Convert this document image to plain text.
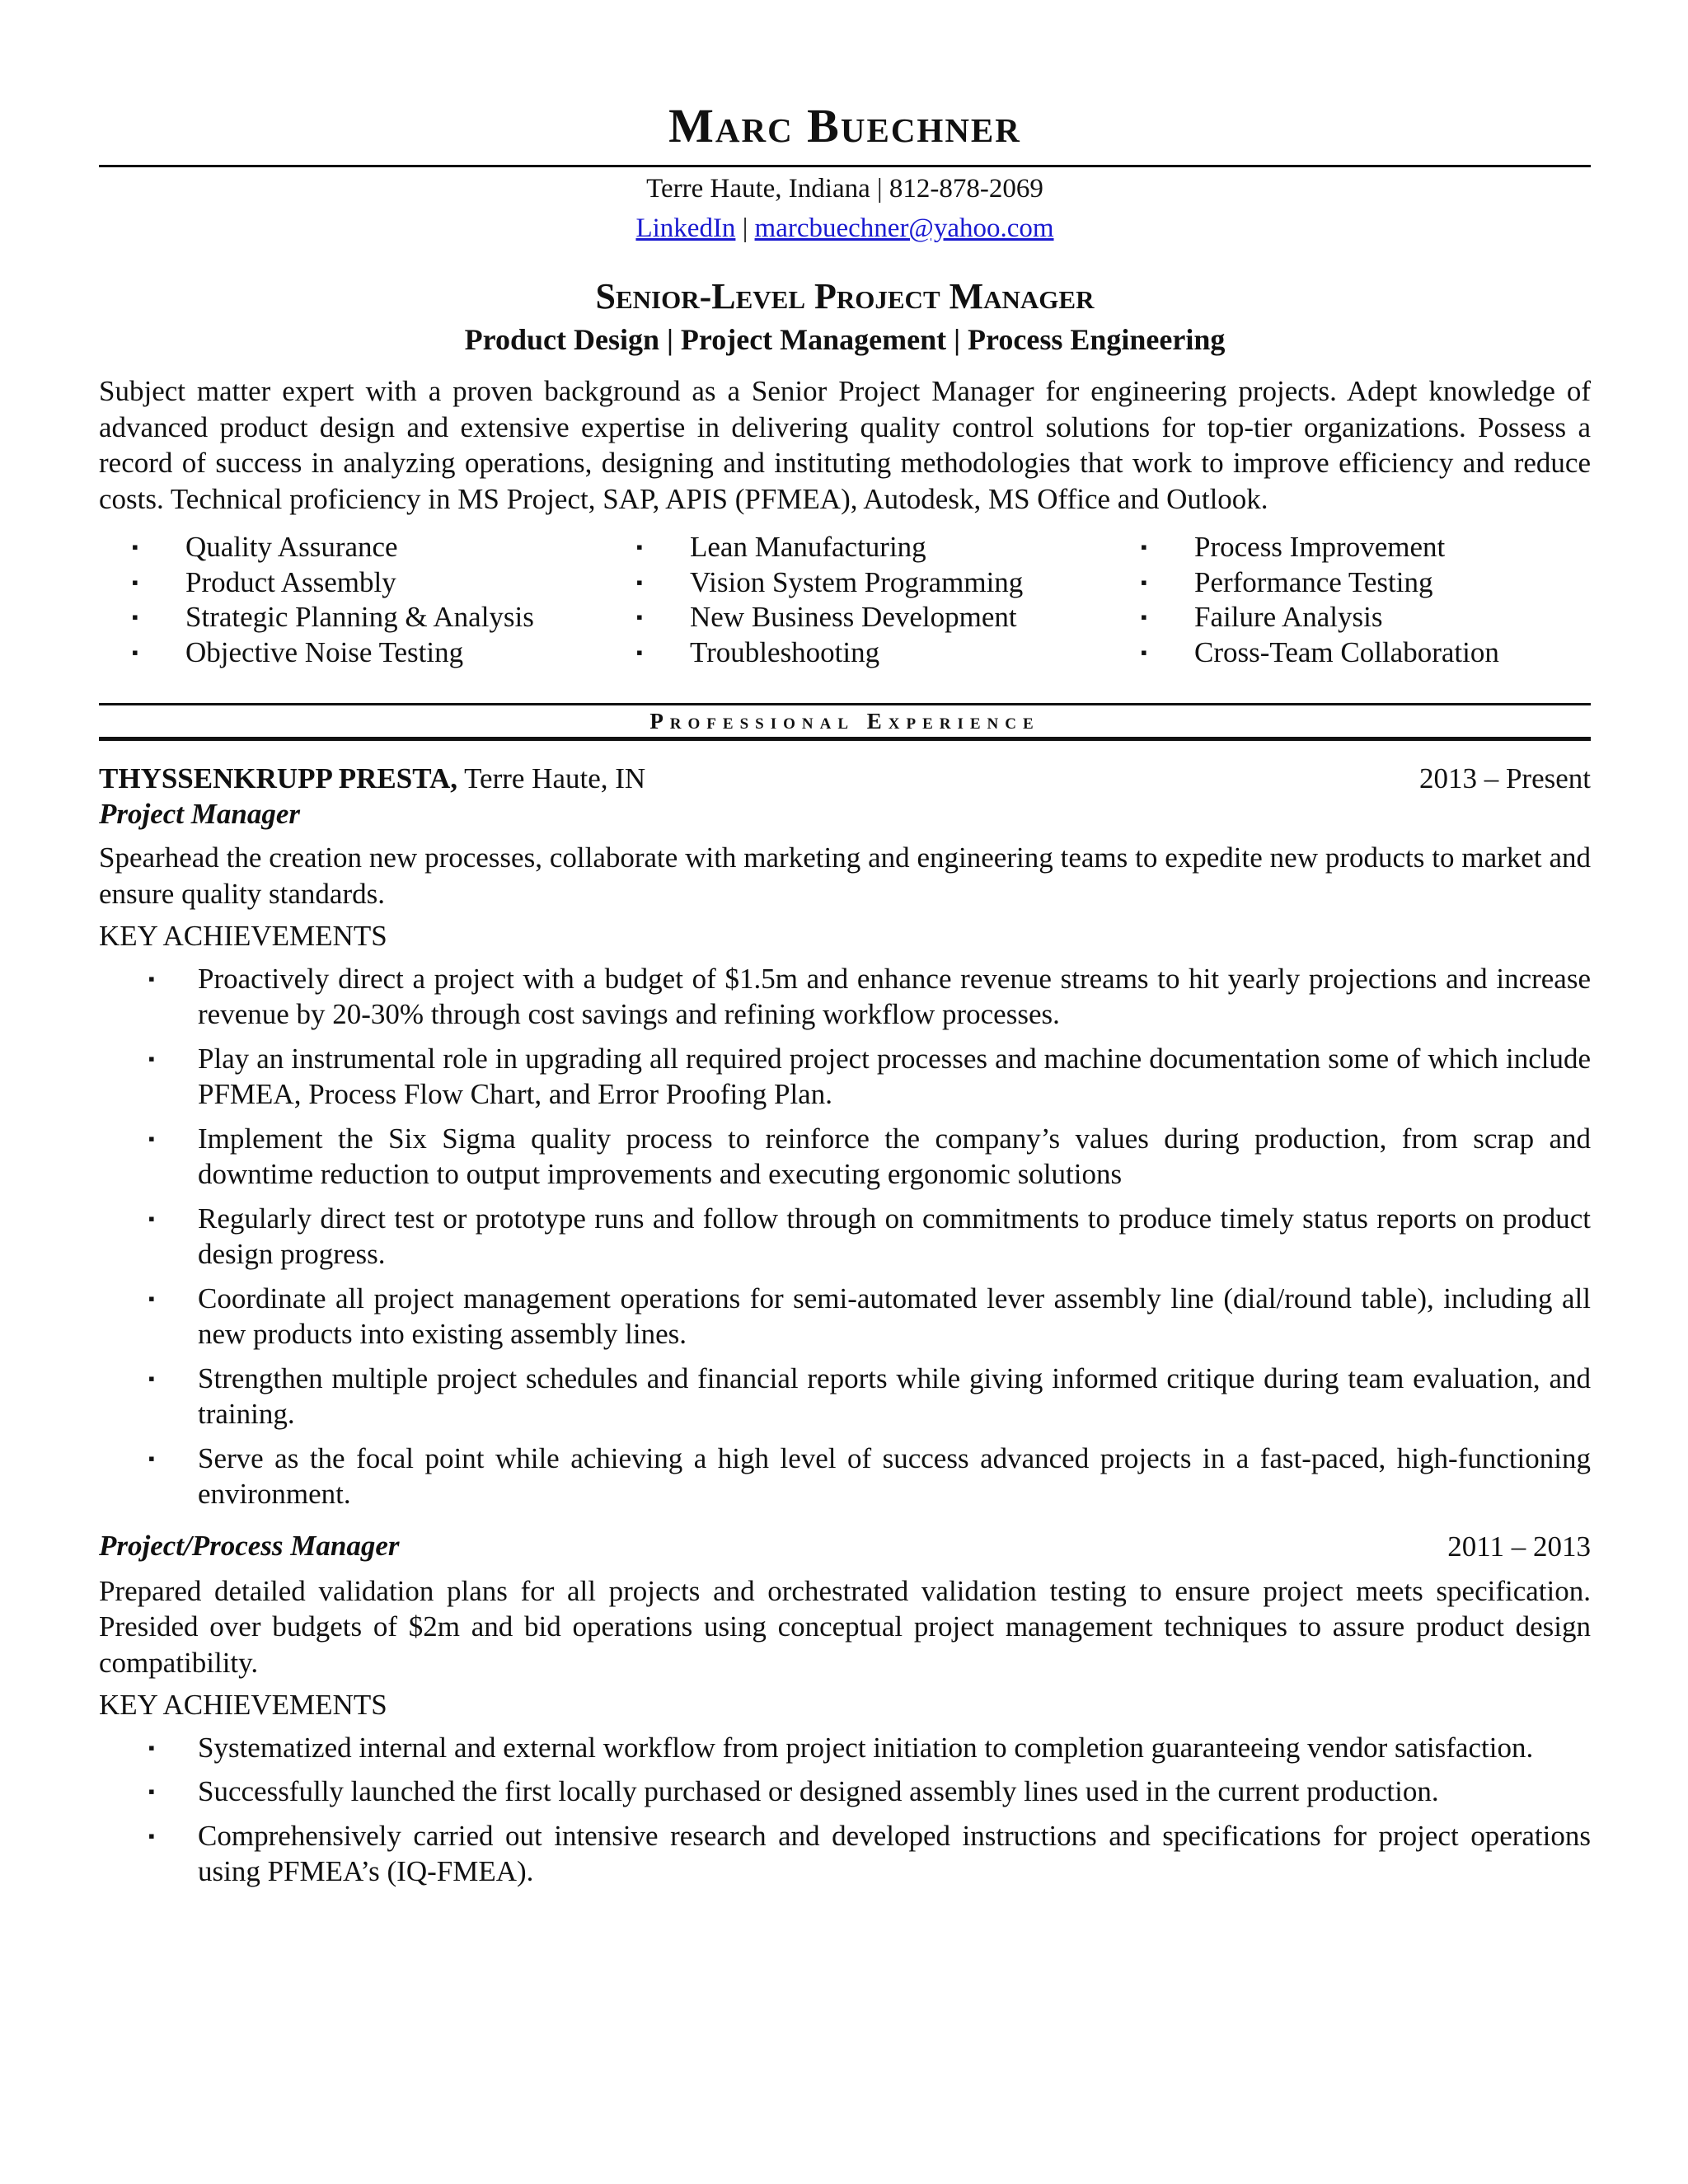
Marc Buechner
Terre Haute, Indiana | 812-878-2069
LinkedIn | marcbuechner@yahoo.com
Senior-Level Project Manager
Product Design | Project Management | Process Engineering
Subject matter expert with a proven background as a Senior Project Manager for engineering projects. Adept knowledge of advanced product design and extensive expertise in delivering quality control solutions for top-tier organizations. Possess a record of success in analyzing operations, designing and instituting methodologies that work to improve efficiency and reduce costs. Technical proficiency in MS Project, SAP, APIS (PFMEA), Autodesk, MS Office and Outlook.
▪	Quality Assurance
▪	Product Assembly
▪	Strategic Planning & Analysis
▪	Objective Noise Testing
▪	Lean Manufacturing
▪	Vision System Programming
▪	New Business Development
▪	Troubleshooting
▪	Process Improvement
▪	Performance Testing
▪	Failure Analysis
▪	Cross-Team Collaboration
Professional Experience
THYSSENKRUPP PRESTA, Terre Haute, IN	2013 – Present
Project Manager
Spearhead the creation new processes, collaborate with marketing and engineering teams to expedite new products to market and ensure quality standards.
KEY ACHIEVEMENTS
▪	Proactively direct a project with a budget of $1.5m and enhance revenue streams to hit yearly projections and increase revenue by 20-30% through cost savings and refining workflow processes.
▪	Play an instrumental role in upgrading all required project processes and machine documentation some of which include PFMEA, Process Flow Chart, and Error Proofing Plan.
▪	Implement the Six Sigma quality process to reinforce the company’s values during production, from scrap and downtime reduction to output improvements and executing ergonomic solutions
▪	Regularly direct test or prototype runs and follow through on commitments to produce timely status reports on product design progress.
▪	Coordinate all project management operations for semi-automated lever assembly line (dial/round table), including all new products into existing assembly lines.
▪	Strengthen multiple project schedules and financial reports while giving informed critique during team evaluation, and training.
▪	Serve as the focal point while achieving a high level of success advanced projects in a fast-paced, high-functioning environment.
Project/Process Manager	2011 – 2013
Prepared detailed validation plans for all projects and orchestrated validation testing to ensure project meets specification. Presided over budgets of $2m and bid operations using conceptual project management techniques to assure product design compatibility.
KEY ACHIEVEMENTS
▪	Systematized internal and external workflow from project initiation to completion guaranteeing vendor satisfaction.
▪	Successfully launched the first locally purchased or designed assembly lines used in the current production.
▪	Comprehensively carried out intensive research and developed instructions and specifications for project operations using PFMEA’s (IQ-FMEA).
